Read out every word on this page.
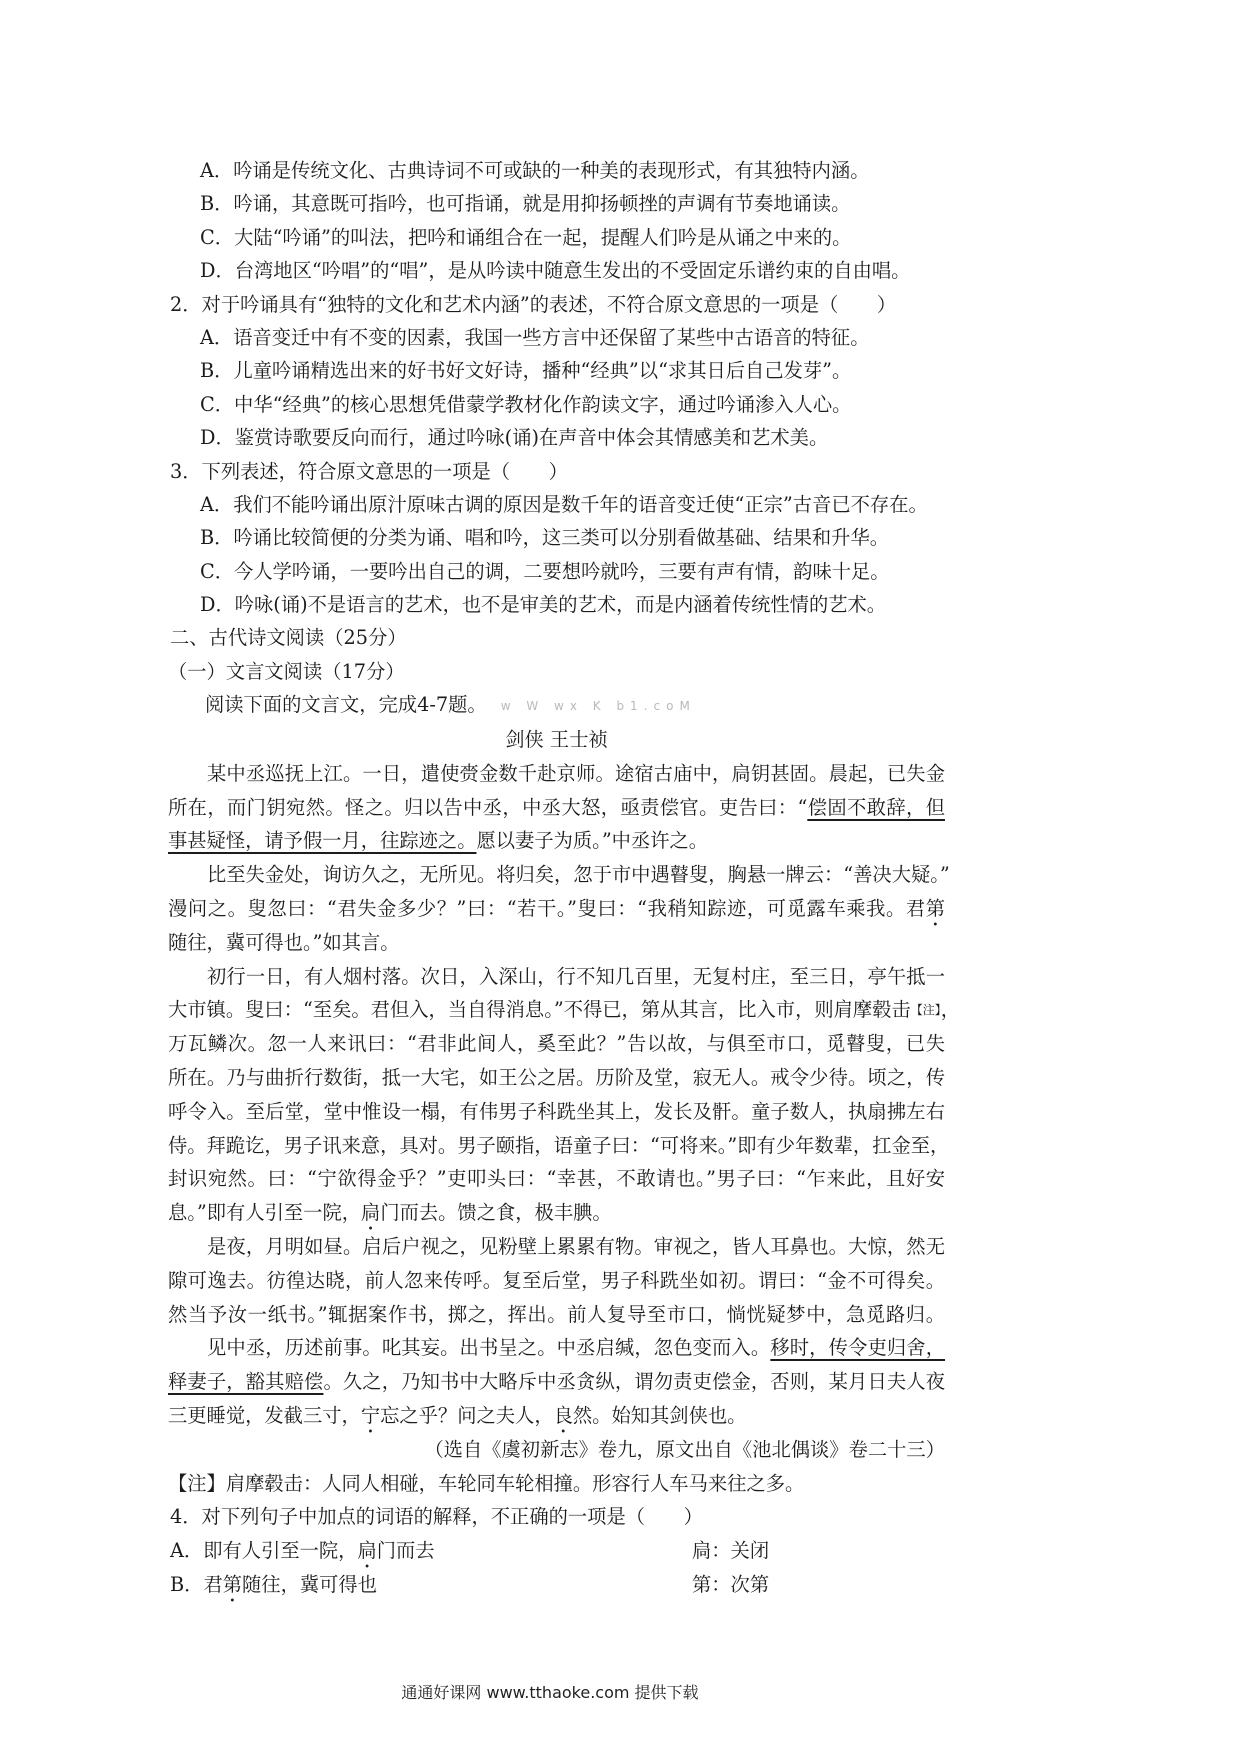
A．吟诵是传统文化、古典诗词不可或缺的一种美的表现形式，有其独特内涵。
B．吟诵，其意既可指吟，也可指诵，就是用抑扬顿挫的声调有节奏地诵读。
C．大陆“吟诵”的叫法，把吟和诵组合在一起，提醒人们吟是从诵之中来的。
D．台湾地区“吟唱”的“唱”，是从吟读中随意生发出的不受固定乐谱约束的自由唱。
2．对于吟诵具有“独特的文化和艺术内涵”的表述，不符合原文意思的一项是（　　）
A．语音变迁中有不变的因素，我国一些方言中还保留了某些中古语音的特征。
B．儿童吟诵精选出来的好书好文好诗，播种“经典”以“求其日后自己发芽”。
C．中华“经典”的核心思想凭借蒙学教材化作韵读文字，通过吟诵渗入人心。
D．鉴赏诗歌要反向而行，通过吟咏(诵)在声音中体会其情感美和艺术美。
3．下列表述，符合原文意思的一项是（　　）
A．我们不能吟诵出原汁原味古调的原因是数千年的语音变迁使“正宗”古音已不存在。
B．吟诵比较简便的分类为诵、唱和吟，这三类可以分别看做基础、结果和升华。
C．今人学吟诵，一要吟出自己的调，二要想吟就吟，三要有声有情，韵味十足。
D．吟咏(诵)不是语言的艺术，也不是审美的艺术，而是内涵着传统性情的艺术。
二、古代诗文阅读（25分）
（一）文言文阅读（17分）
阅读下面的文言文，完成4-7题。 w W wx K b1.coM
剑侠 王士祯
某中丞巡抚上江。一日，遣使赍金数千赴京师。途宿古庙中，扃钥甚固。晨起，已失金
所在，而门钥宛然。怪之。归以告中丞，中丞大怒，亟责偿官。吏告曰：“偿固不敢辞，但
事甚疑怪，请予假一月，往踪迹之。愿以妻子为质。”中丞许之。
比至失金处，询访久之，无所见。将归矣，忽于市中遇瞽叟，胸悬一牌云：“善决大疑。”
漫问之。叟忽曰：“君失金多少？”曰：“若干。”叟曰：“我稍知踪迹，可觅露车乘我。君第
随往，冀可得也。”如其言。
初行一日，有人烟村落。次日，入深山，行不知几百里，无复村庄，至三日，亭午抵一
大市镇。叟曰：“至矣。君但入，当自得消息。”不得已，第从其言，比入市，则肩摩毂击【注】，
万瓦鳞次。忽一人来讯曰：“君非此间人，奚至此？”告以故，与俱至市口，觅瞽叟，已失
所在。乃与曲折行数街，抵一大宅，如王公之居。历阶及堂，寂无人。戒令少待。顷之，传
呼令入。至后堂，堂中惟设一榻，有伟男子科跣坐其上，发长及骭。童子数人，执扇拂左右
侍。拜跪讫，男子讯来意，具对。男子颐指，语童子曰：“可将来。”即有少年数辈，扛金至，
封识宛然。曰：“宁欲得金乎？”吏叩头曰：“幸甚，不敢请也。”男子曰：“乍来此，且好安
息。”即有人引至一院，扃门而去。馈之食，极丰腆。
是夜，月明如昼。启后户视之，见粉壁上累累有物。审视之，皆人耳鼻也。大惊，然无
隙可逸去。彷徨达晓，前人忽来传呼。复至后堂，男子科跣坐如初。谓曰：“金不可得矣。
然当予汝一纸书。”辄据案作书，掷之，挥出。前人复导至市口，惝恍疑梦中，急觅路归。
见中丞，历述前事。叱其妄。出书呈之。中丞启缄，忽色变而入。移时，传令吏归舍，
释妻子，豁其赔偿。久之，乃知书中大略斥中丞贪纵，谓勿责吏偿金，否则，某月日夫人夜
三更睡觉，发截三寸，宁忘之乎？问之夫人，良然。始知其剑侠也。
（选自《虞初新志》卷九，原文出自《池北偶谈》卷二十三）
【注】肩摩毂击：人同人相碰，车轮同车轮相撞。形容行人车马来往之多。
4．对下列句子中加点的词语的解释，不正确的一项是（　　）
A．即有人引至一院，扃门而去	扃：关闭
B．君第随往，冀可得也	第：次第
通通好课网 www.tthaoke.com 提供下载
